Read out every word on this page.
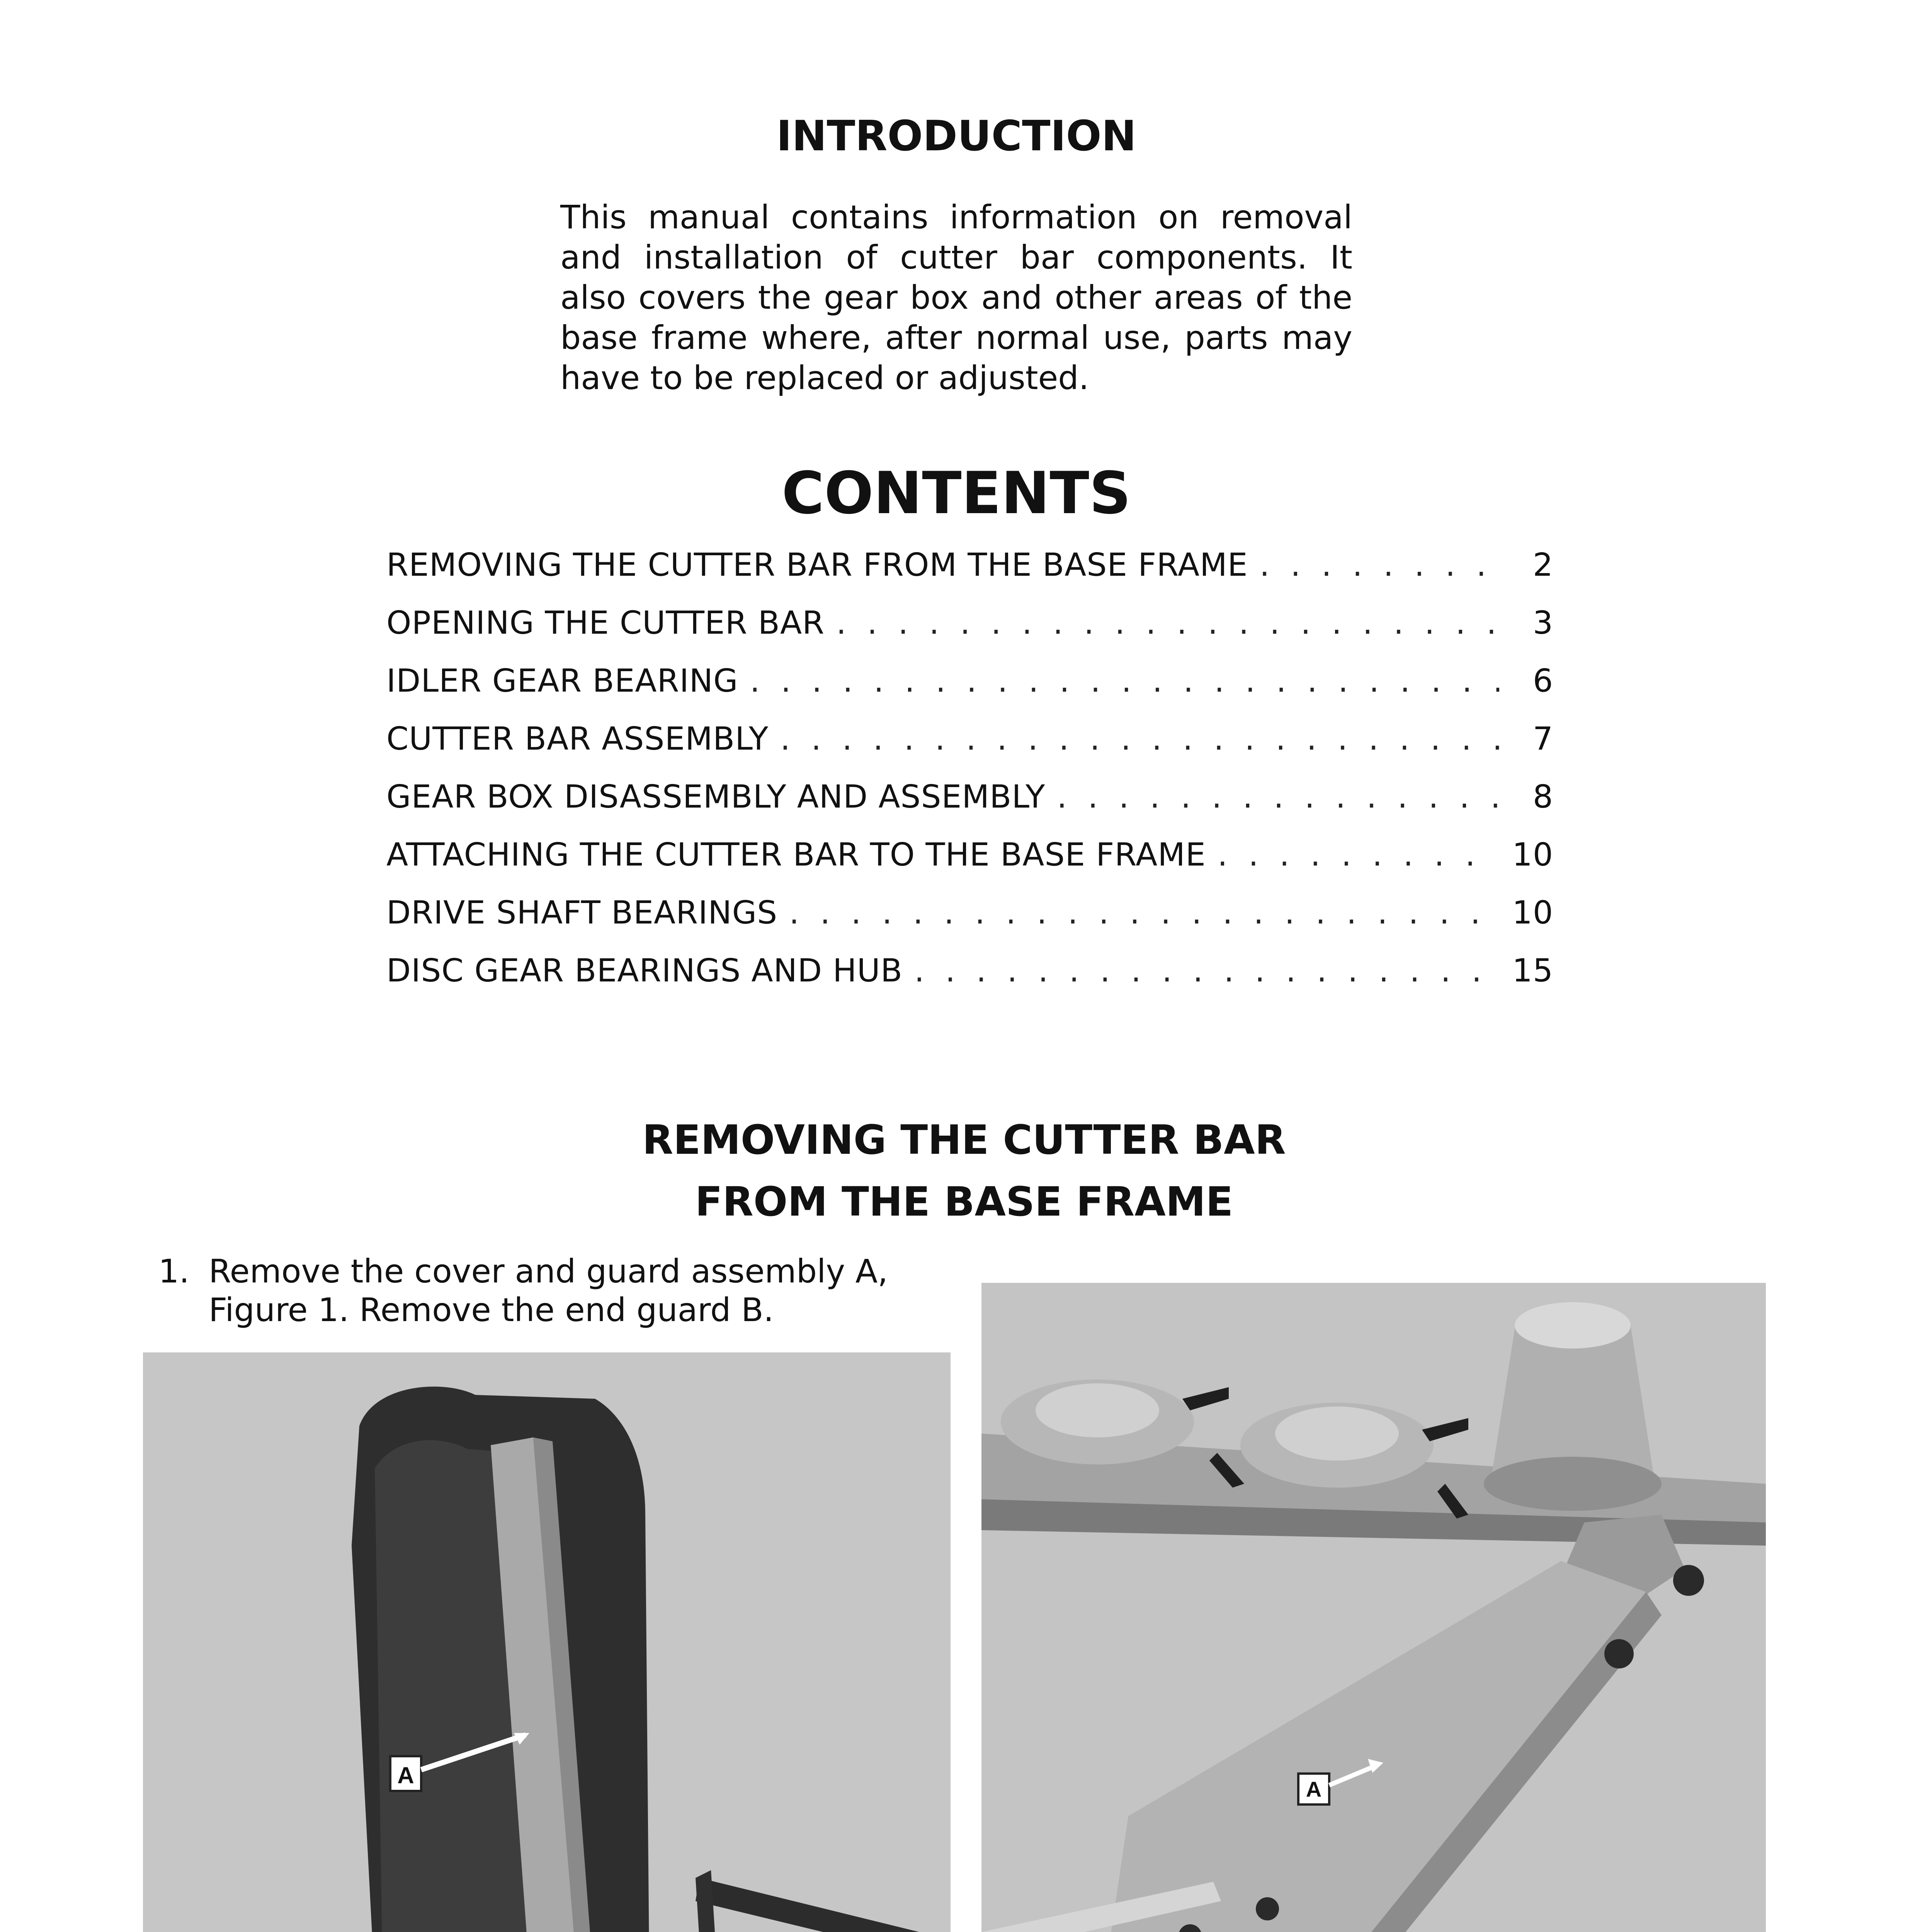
INTRODUCTION
This manual contains information on removal and installation of cutter bar components. It also covers the gear box and other areas of the base frame where, after normal use, parts may have to be replaced or adjusted.
CONTENTS
REMOVING THE CUTTER BAR FROM THE BASE FRAME . . .	2
OPENING THE CUTTER BAR . . .	3
IDLER GEAR BEARING . . .	6
CUTTER BAR ASSEMBLY . . .	7
GEAR BOX DISASSEMBLY AND ASSEMBLY . . .	8
ATTACHING THE CUTTER BAR TO THE BASE FRAME . . .	10
DRIVE SHAFT BEARINGS . . .	10
DISC GEAR BEARINGS AND HUB . . .	15
REMOVING THE CUTTER BAR
FROM THE BASE FRAME
1. Remove the cover and guard assembly A, Figure 1. Remove the end guard B.
A
A
